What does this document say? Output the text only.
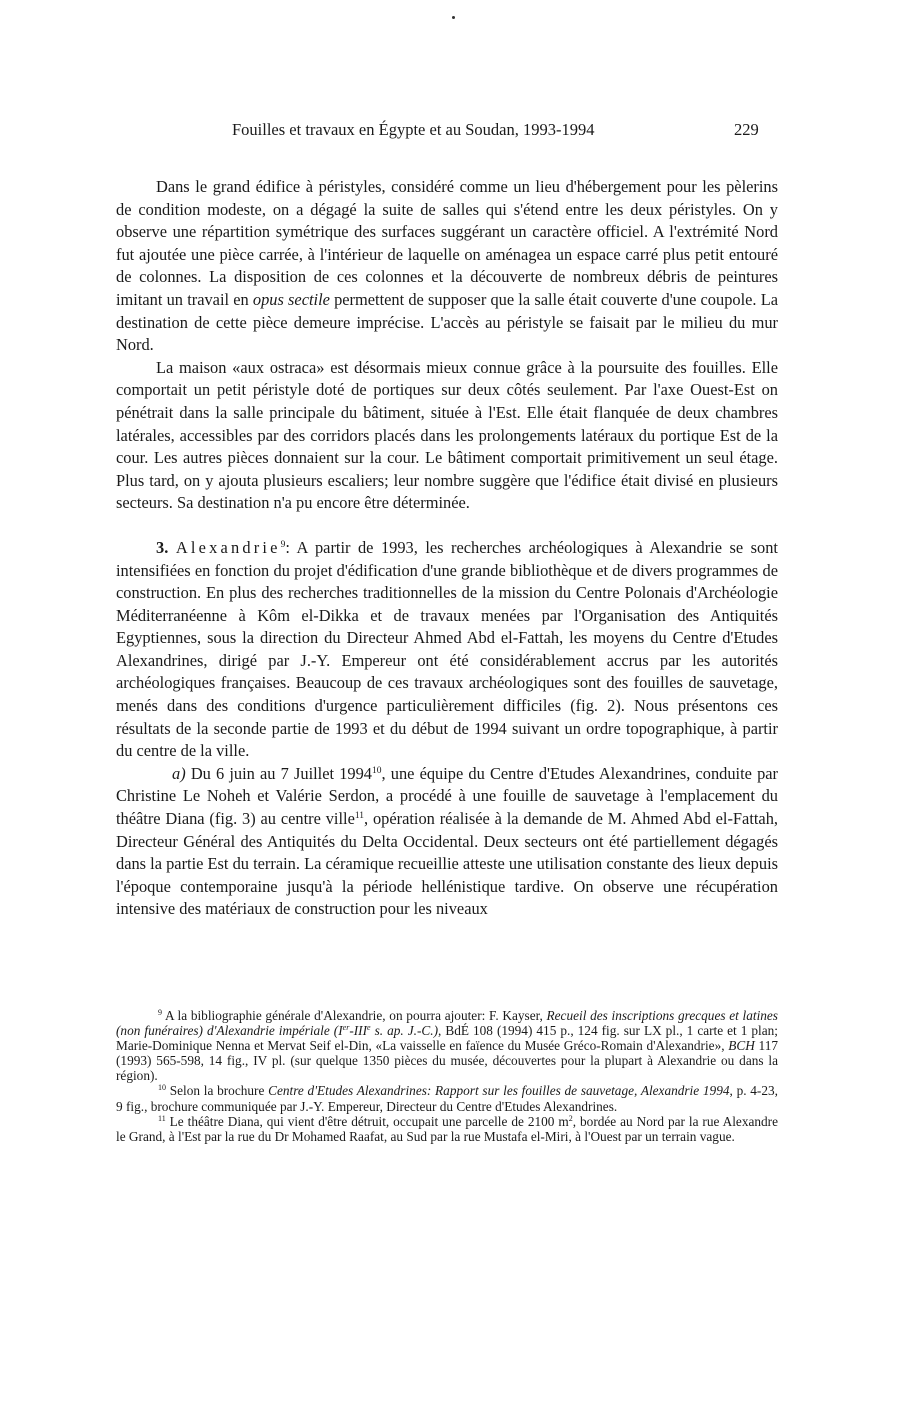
Fouilles et travaux en Égypte et au Soudan, 1993-1994	229

Dans le grand édifice à péristyles, considéré comme un lieu d'hébergement pour les pèlerins de condition modeste, on a dégagé la suite de salles qui s'étend entre les deux péristyles. On y observe une répartition symétrique des surfaces suggérant un caractère officiel. A l'extrémité Nord fut ajoutée une pièce carrée, à l'intérieur de laquelle on aménagea un espace carré plus petit entouré de colonnes. La disposition de ces colonnes et la découverte de nombreux débris de peintures imitant un travail en opus sectile permettent de supposer que la salle était couverte d'une coupole. La destination de cette pièce demeure imprécise. L'accès au péristyle se faisait par le milieu du mur Nord.

La maison «aux ostraca» est désormais mieux connue grâce à la poursuite des fouilles. Elle comportait un petit péristyle doté de portiques sur deux côtés seulement. Par l'axe Ouest-Est on pénétrait dans la salle principale du bâtiment, située à l'Est. Elle était flanquée de deux chambres latérales, accessibles par des corridors placés dans les prolongements latéraux du portique Est de la cour. Les autres pièces donnaient sur la cour. Le bâtiment comportait primitivement un seul étage. Plus tard, on y ajouta plusieurs escaliers; leur nombre suggère que l'édifice était divisé en plusieurs secteurs. Sa destination n'a pu encore être déterminée.

3. Alexandrie$^9$: A partir de 1993, les recherches archéologiques à Alexandrie se sont intensifiées en fonction du projet d'édification d'une grande bibliothèque et de divers programmes de construction. En plus des recherches traditionnelles de la mission du Centre Polonais d'Archéologie Méditerranéenne à Kôm el-Dikka et de travaux menées par l'Organisation des Antiquités Egyptiennes, sous la direction du Directeur Ahmed Abd el-Fattah, les moyens du Centre d'Etudes Alexandrines, dirigé par J.-Y. Empereur ont été considérablement accrus par les autorités archéologiques françaises. Beaucoup de ces travaux archéologiques sont des fouilles de sauvetage, menés dans des conditions d'urgence particulièrement difficiles (fig. 2). Nous présentons ces résultats de la seconde partie de 1993 et du début de 1994 suivant un ordre topographique, à partir du centre de la ville.

a) Du 6 juin au 7 Juillet 1994$^{10}$, une équipe du Centre d'Etudes Alexandrines, conduite par Christine Le Noheh et Valérie Serdon, a procédé à une fouille de sauvetage à l'emplacement du théâtre Diana (fig. 3) au centre ville$^{11}$, opération réalisée à la demande de M. Ahmed Abd el-Fattah, Directeur Général des Antiquités du Delta Occidental. Deux secteurs ont été partiellement dégagés dans la partie Est du terrain. La céramique recueillie atteste une utilisation constante des lieux depuis l'époque contemporaine jusqu'à la période hellénistique tardive. On observe une récupération intensive des matériaux de construction pour les niveaux

$^9$ A la bibliographie générale d'Alexandrie, on pourra ajouter: F. Kayser, Recueil des inscriptions grecques et latines (non funéraires) d'Alexandrie impériale (Ier-IIIe s. ap. J.-C.), BdÉ 108 (1994) 415 p., 124 fig. sur LX pl., 1 carte et 1 plan; Marie-Dominique Nenna et Mervat Seif el-Din, «La vaisselle en faïence du Musée Gréco-Romain d'Alexandrie», BCH 117 (1993) 565-598, 14 fig., IV pl. (sur quelque 1350 pièces du musée, découvertes pour la plupart à Alexandrie ou dans la région).

$^{10}$ Selon la brochure Centre d'Etudes Alexandrines: Rapport sur les fouilles de sauvetage, Alexandrie 1994, p. 4-23, 9 fig., brochure communiquée par J.-Y. Empereur, Directeur du Centre d'Etudes Alexandrines.

$^{11}$ Le théâtre Diana, qui vient d'être détruit, occupait une parcelle de 2100 $m^2$, bordée au Nord par la rue Alexandre le Grand, à l'Est par la rue du Dr Mohamed Raafat, au Sud par la rue Mustafa el-Miri, à l'Ouest par un terrain vague.
